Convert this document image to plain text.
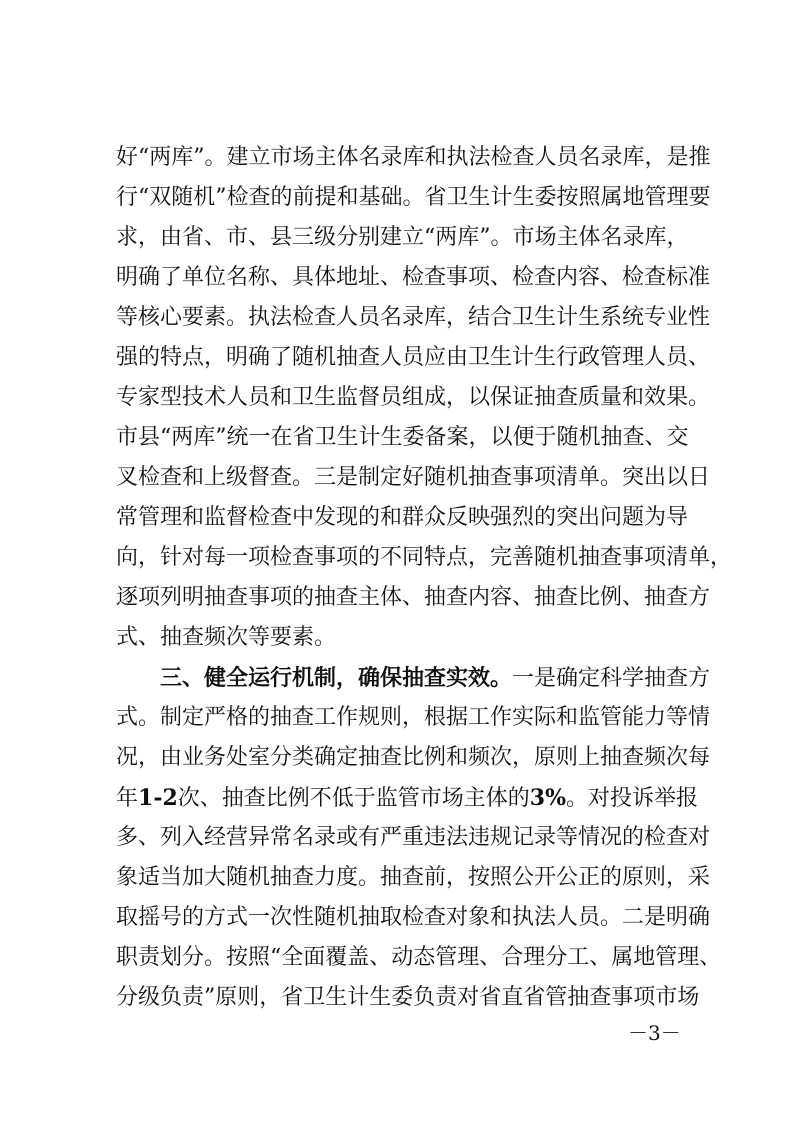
好“两库”。建立市场主体名录库和执法检查人员名录库，是推
行“双随机”检查的前提和基础。省卫生计生委按照属地管理要
求，由省、市、县三级分别建立“两库”。市场主体名录库，
明确了单位名称、具体地址、检查事项、检查内容、检查标准
等核心要素。执法检查人员名录库，结合卫生计生系统专业性
强的特点，明确了随机抽查人员应由卫生计生行政管理人员、
专家型技术人员和卫生监督员组成，以保证抽查质量和效果。
市县“两库”统一在省卫生计生委备案，以便于随机抽查、交
叉检查和上级督查。三是制定好随机抽查事项清单。突出以日
常管理和监督检查中发现的和群众反映强烈的突出问题为导
向，针对每一项检查事项的不同特点，完善随机抽查事项清单，
逐项列明抽查事项的抽查主体、抽查内容、抽查比例、抽查方
式、抽查频次等要素。
三、健全运行机制，确保抽查实效。一是确定科学抽查方
式。制定严格的抽查工作规则，根据工作实际和监管能力等情
况，由业务处室分类确定抽查比例和频次，原则上抽查频次每
年1-2次、抽查比例不低于监管市场主体的3%。对投诉举报
多、列入经营异常名录或有严重违法违规记录等情况的检查对
象适当加大随机抽查力度。抽查前，按照公开公正的原则，采
取摇号的方式一次性随机抽取检查对象和执法人员。二是明确
职责划分。按照“全面覆盖、动态管理、合理分工、属地管理、
分级负责”原则，省卫生计生委负责对省直省管抽查事项市场
－3－
